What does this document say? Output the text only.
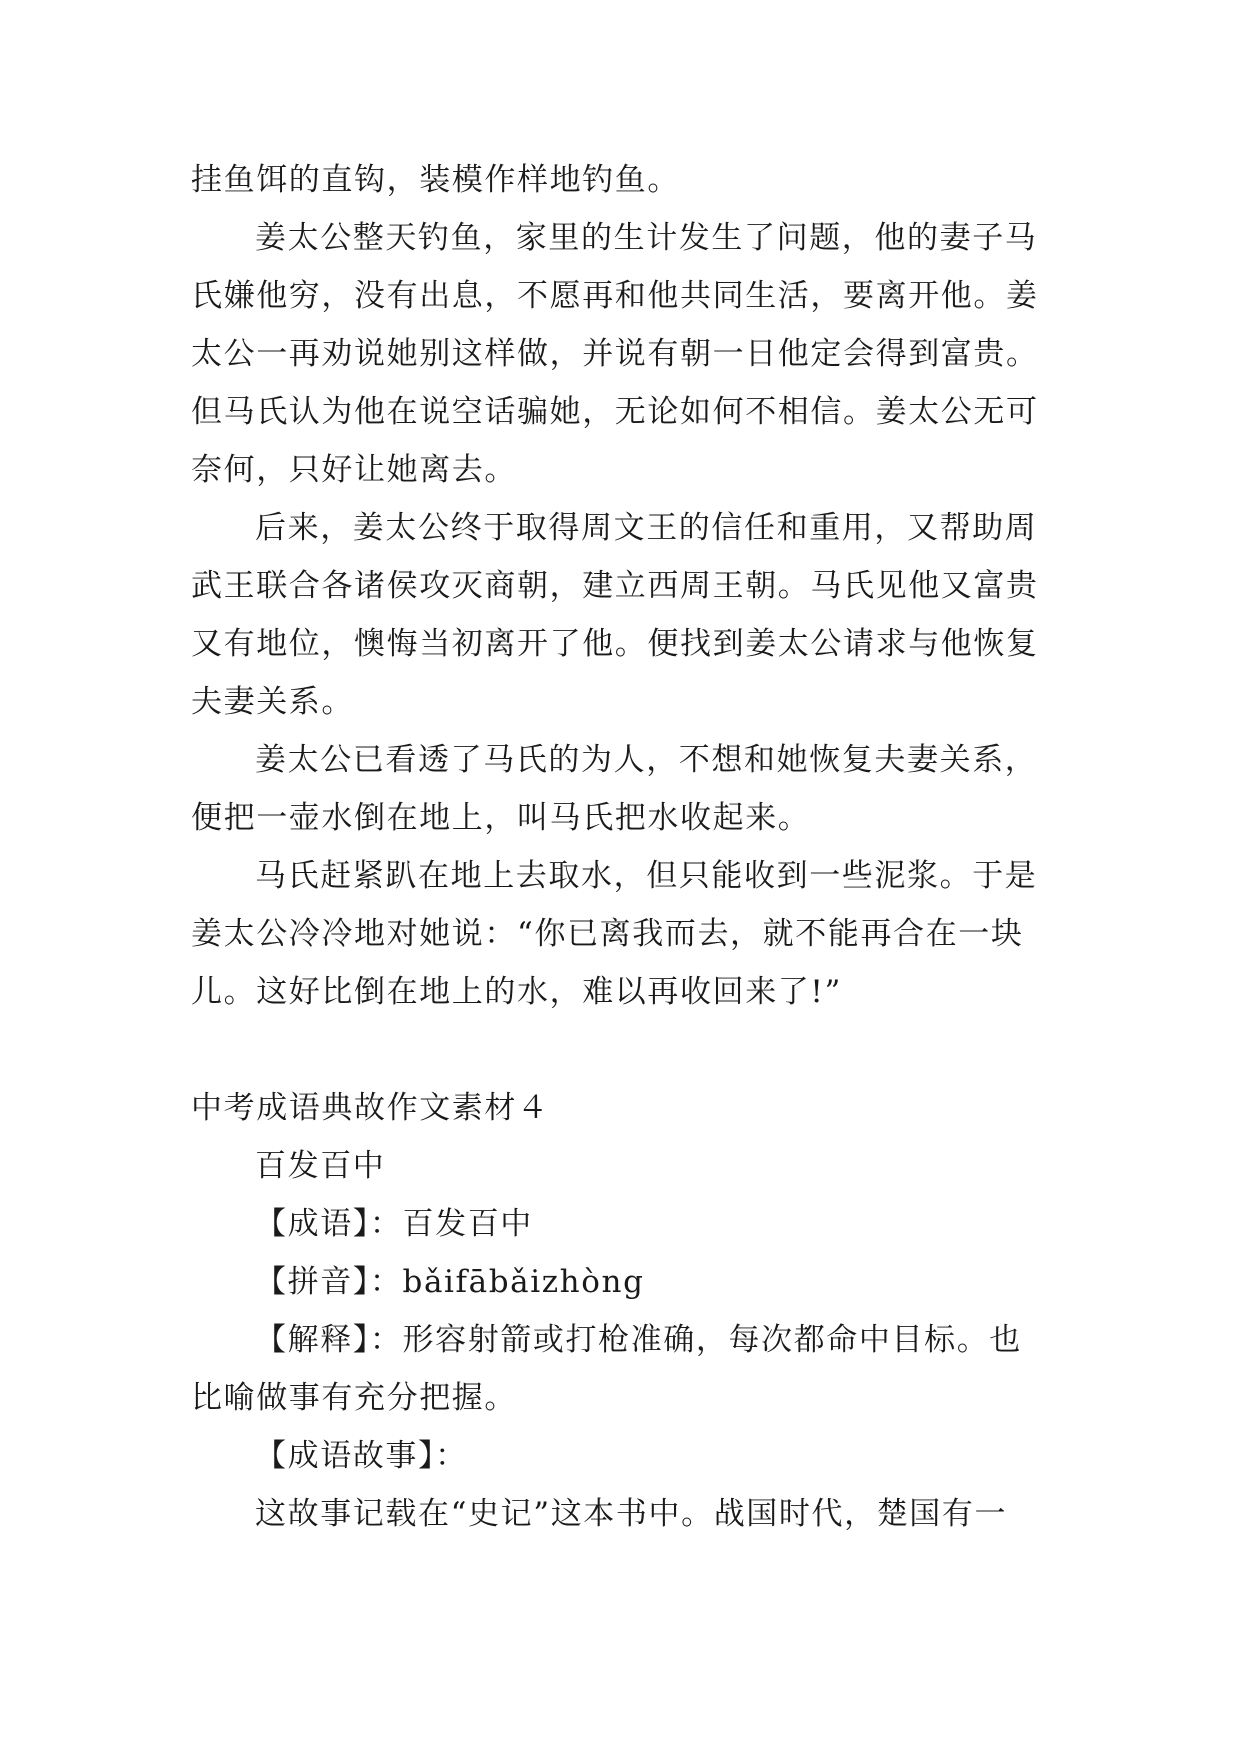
挂鱼饵的直钩，装模作样地钓鱼。
姜太公整天钓鱼，家里的生计发生了问题，他的妻子马
氏嫌他穷，没有出息，不愿再和他共同生活，要离开他。姜
太公一再劝说她别这样做，并说有朝一日他定会得到富贵。
但马氏认为他在说空话骗她，无论如何不相信。姜太公无可
奈何，只好让她离去。
后来，姜太公终于取得周文王的信任和重用，又帮助周
武王联合各诸侯攻灭商朝，建立西周王朝。马氏见他又富贵
又有地位，懊悔当初离开了他。便找到姜太公请求与他恢复
夫妻关系。
姜太公已看透了马氏的为人，不想和她恢复夫妻关系，
便把一壶水倒在地上，叫马氏把水收起来。
马氏赶紧趴在地上去取水，但只能收到一些泥浆。于是
姜太公冷冷地对她说：“你已离我而去，就不能再合在一块
儿。这好比倒在地上的水，难以再收回来了!”
中考成语典故作文素材４
百发百中
【成语】：百发百中
【拼音】：bǎifābǎizhòng
【解释】：形容射箭或打枪准确，每次都命中目标。也
比喻做事有充分把握。
【成语故事】：
这故事记载在“史记”这本书中。战国时代，楚国有一
